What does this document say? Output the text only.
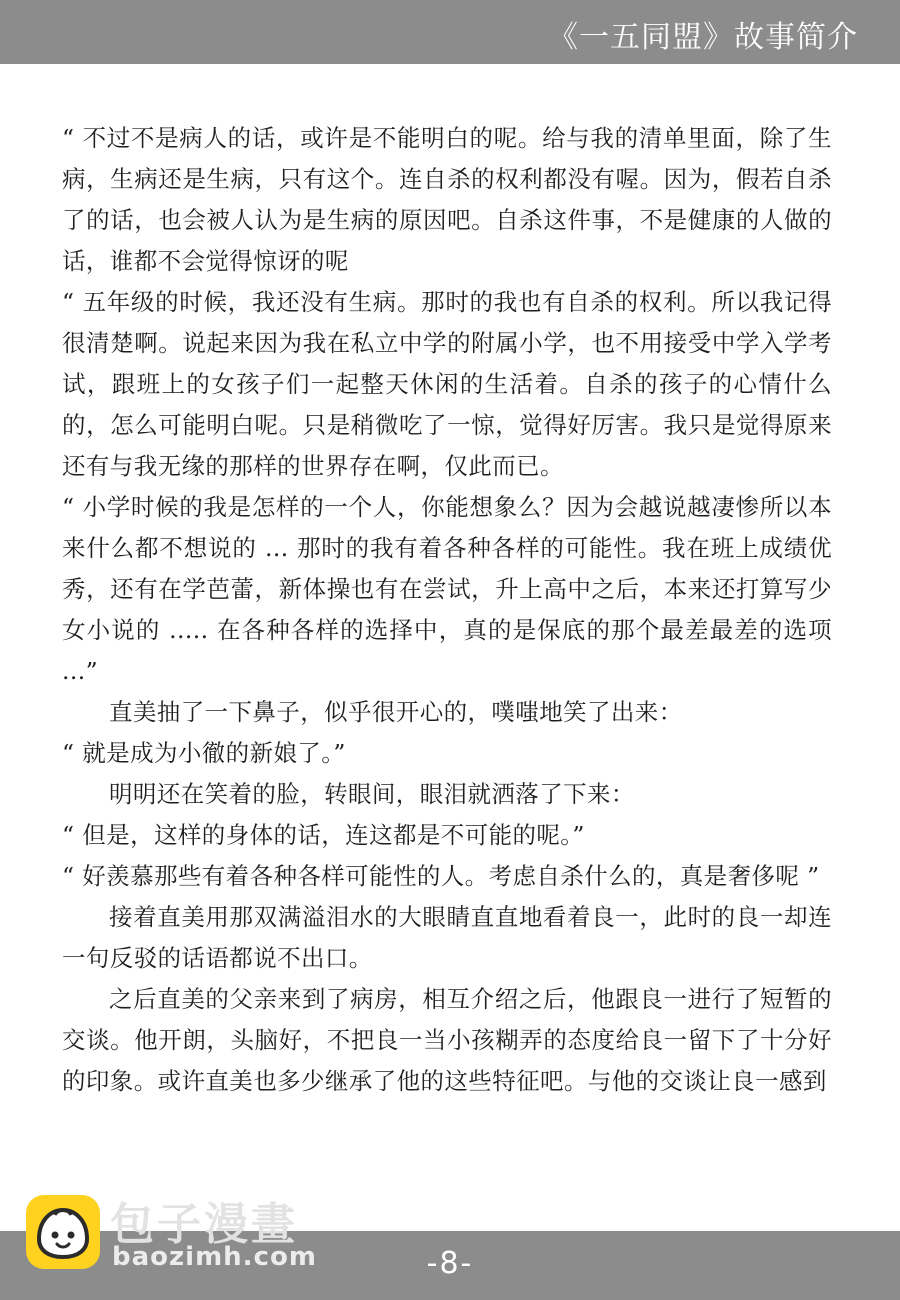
《一五同盟》故事简介

“ 不过不是病人的话，或许是不能明白的呢。给与我的清单里面，除了生病，生病还是生病，只有这个。连自杀的权利都没有喔。因为，假若自杀了的话，也会被人认为是生病的原因吧。自杀这件事，不是健康的人做的话，谁都不会觉得惊讶的呢

“ 五年级的时候，我还没有生病。那时的我也有自杀的权利。所以我记得很清楚啊。说起来因为我在私立中学的附属小学，也不用接受中学入学考试，跟班上的女孩子们一起整天休闲的生活着。自杀的孩子的心情什么的，怎么可能明白呢。只是稍微吃了一惊，觉得好厉害。我只是觉得原来还有与我无缘的那样的世界存在啊，仅此而已。

“ 小学时候的我是怎样的一个人，你能想象么？因为会越说越凄惨所以本来什么都不想说的 ... 那时的我有着各种各样的可能性。我在班上成绩优秀，还有在学芭蕾，新体操也有在尝试，升上高中之后，本来还打算写少女小说的 ..... 在各种各样的选择中，真的是保底的那个最差最差的选项 ...”

直美抽了一下鼻子，似乎很开心的，噗嗤地笑了出来：

“ 就是成为小徹的新娘了。”

明明还在笑着的脸，转眼间，眼泪就洒落了下来：

“ 但是，这样的身体的话，连这都是不可能的呢。”

“ 好羡慕那些有着各种各样可能性的人。考虑自杀什么的，真是奢侈呢 ”

接着直美用那双满溢泪水的大眼睛直直地看着良一，此时的良一却连一句反驳的话语都说不出口。

之后直美的父亲来到了病房，相互介绍之后，他跟良一进行了短暂的交谈。他开朗，头脑好，不把良一当小孩糊弄的态度给良一留下了十分好的印象。或许直美也多少继承了他的这些特征吧。与他的交谈让良一感到

-8-
包子漫畫
baozimh.com
